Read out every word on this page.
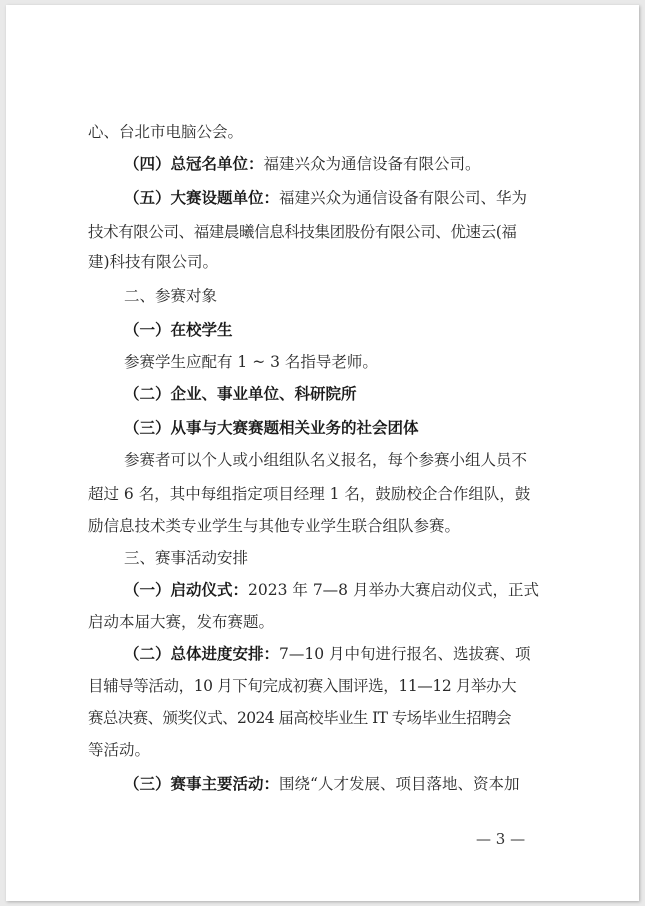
心、台北市电脑公会。
（四）总冠名单位：福建兴众为通信设备有限公司。
（五）大赛设题单位：福建兴众为通信设备有限公司、华为
技术有限公司、福建晨曦信息科技集团股份有限公司、优速云(福
建)科技有限公司。
二、参赛对象
（一）在校学生
参赛学生应配有 1 ~ 3 名指导老师。
（二）企业、事业单位、科研院所
（三）从事与大赛赛题相关业务的社会团体
参赛者可以个人或小组组队名义报名，每个参赛小组人员不
超过 6 名，其中每组指定项目经理 1 名，鼓励校企合作组队，鼓
励信息技术类专业学生与其他专业学生联合组队参赛。
三、赛事活动安排
（一）启动仪式：2023 年 7—8 月举办大赛启动仪式，正式
启动本届大赛，发布赛题。
（二）总体进度安排：7—10 月中旬进行报名、选拔赛、项
目辅导等活动，10 月下旬完成初赛入围评选，11—12 月举办大
赛总决赛、颁奖仪式、2024 届高校毕业生 IT 专场毕业生招聘会
等活动。
（三）赛事主要活动：围绕“人才发展、项目落地、资本加
— 3 —
